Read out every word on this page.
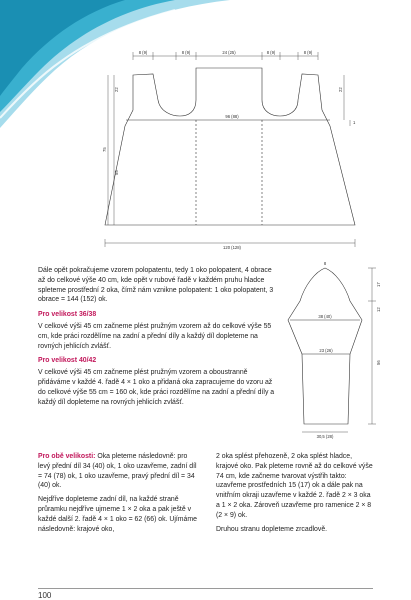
8 (9)	8 (9)	24 (25)	8 (9)	8 (9)
22
75
55
22
1
96 (88)
120 (128)
8
17
12
56
38 (40)
23 (26)
30,5 (28)

Dále opět pokračujeme vzorem polopatentu, tedy 1 oko polopatent, 4 obrace až do celkové výše 40 cm, kde opět v rubové řadě v každém pruhu hladce spleteme prostřední 2 oka, čímž nám vznikne polopatent: 1 oko polopatent, 3 obrace = 144 (152) ok.

Pro velikost 36/38

V celkové výši 45 cm začneme plést pružným vzorem až do celkové výše 55 cm, kde práci rozdělíme na zadní a přední díly a každý díl dopleteme na rovných jehlicích zvlášť.

Pro velikost 40/42

V celkové výši 45 cm začneme plést pružným vzorem a oboustranně přidáváme v každé 4. řadě 4 × 1 oko a přidaná oka zapracujeme do vzoru až do celkové výše 55 cm = 160 ok, kde práci rozdělíme na zadní a přední díly a každý díl dopleteme na rovných jehlicích zvlášť.

Pro obě velikosti: Oka pleteme následovně: pro levý přední díl 34 (40) ok, 1 oko uzavřeme, zadní díl = 74 (78) ok, 1 oko uzavřeme, pravý přední díl = 34 (40) ok.

Nejdříve dopleteme zadní díl, na každé straně průramku nejdříve ujmeme 1 × 2 oka a pak ještě v každé další 2. řadě 4 × 1 oko = 62 (66) ok. Ujímáme následovně: krajové oko,

2 oka splést přehozeně, 2 oka splést hladce, krajové oko. Pak pleteme rovně až do celkové výše 74 cm, kde začneme tvarovat výstřih takto: uzavřeme prostředních 15 (17) ok a dále pak na vnitřním okraji uzavřeme v každé 2. řadě 2 × 3 oka a 1 × 2 oka. Zároveň uzavřeme pro ramenice 2 × 8 (2 × 9) ok.

Druhou stranu dopleteme zrcadlově.

100
